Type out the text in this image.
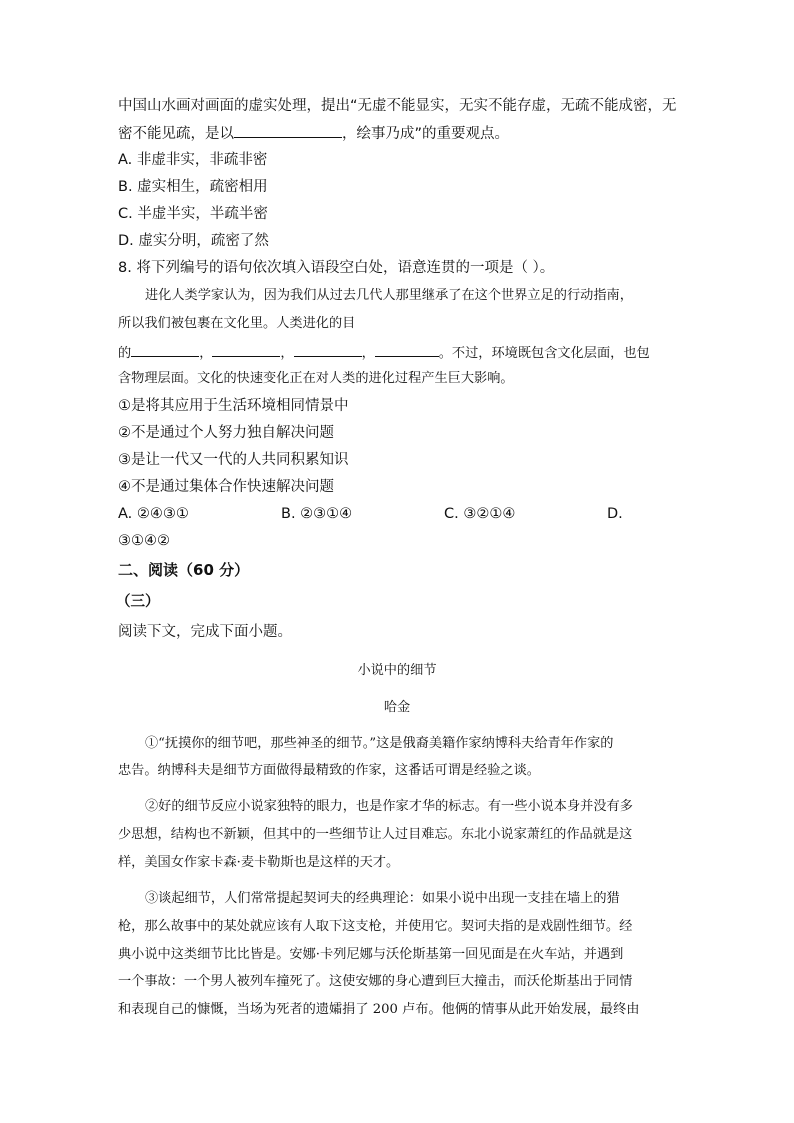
中国山水画对画面的虚实处理，提出“无虚不能显实，无实不能存虚，无疏不能成密，无
密不能见疏，是以	，绘事乃成”的重要观点。
A. 非虚非实，非疏非密
B. 虚实相生，疏密相用
C. 半虚半实，半疏半密
D. 虚实分明，疏密了然
8. 将下列编号的语句依次填入语段空白处，语意连贯的一项是（ ）。
进化人类学家认为，因为我们从过去几代人那里继承了在这个世界立足的行动指南，
所以我们被包裹在文化里。人类进化的目
的	，	，	，	。不过，环境既包含文化层面，也包
含物理层面。文化的快速变化正在对人类的进化过程产生巨大影响。
①是将其应用于生活环境相同情景中
②不是通过个人努力独自解决问题
③是让一代又一代的人共同积累知识
④不是通过集体合作快速解决问题
A. ②④③①	B. ②③①④	C. ③②①④	D.
③①④②
二、阅读（60 分）
（三）
阅读下文，完成下面小题。
小说中的细节
哈金
①“抚摸你的细节吧，那些神圣的细节。”这是俄裔美籍作家纳博科夫给青年作家的
忠告。纳博科夫是细节方面做得最精致的作家，这番话可谓是经验之谈。
②好的细节反应小说家独特的眼力，也是作家才华的标志。有一些小说本身并没有多
少思想，结构也不新颖，但其中的一些细节让人过目难忘。东北小说家萧红的作品就是这
样，美国女作家卡森·麦卡勒斯也是这样的天才。
③谈起细节，人们常常提起契诃夫的经典理论：如果小说中出现一支挂在墙上的猎
枪，那么故事中的某处就应该有人取下这支枪，并使用它。契诃夫指的是戏剧性细节。经
典小说中这类细节比比皆是。安娜·卡列尼娜与沃伦斯基第一回见面是在火车站，并遇到
一个事故：一个男人被列车撞死了。这使安娜的身心遭到巨大撞击，而沃伦斯基出于同情
和表现自己的慷慨，当场为死者的遗孀捐了 200 卢布。他俩的情事从此开始发展，最终由
